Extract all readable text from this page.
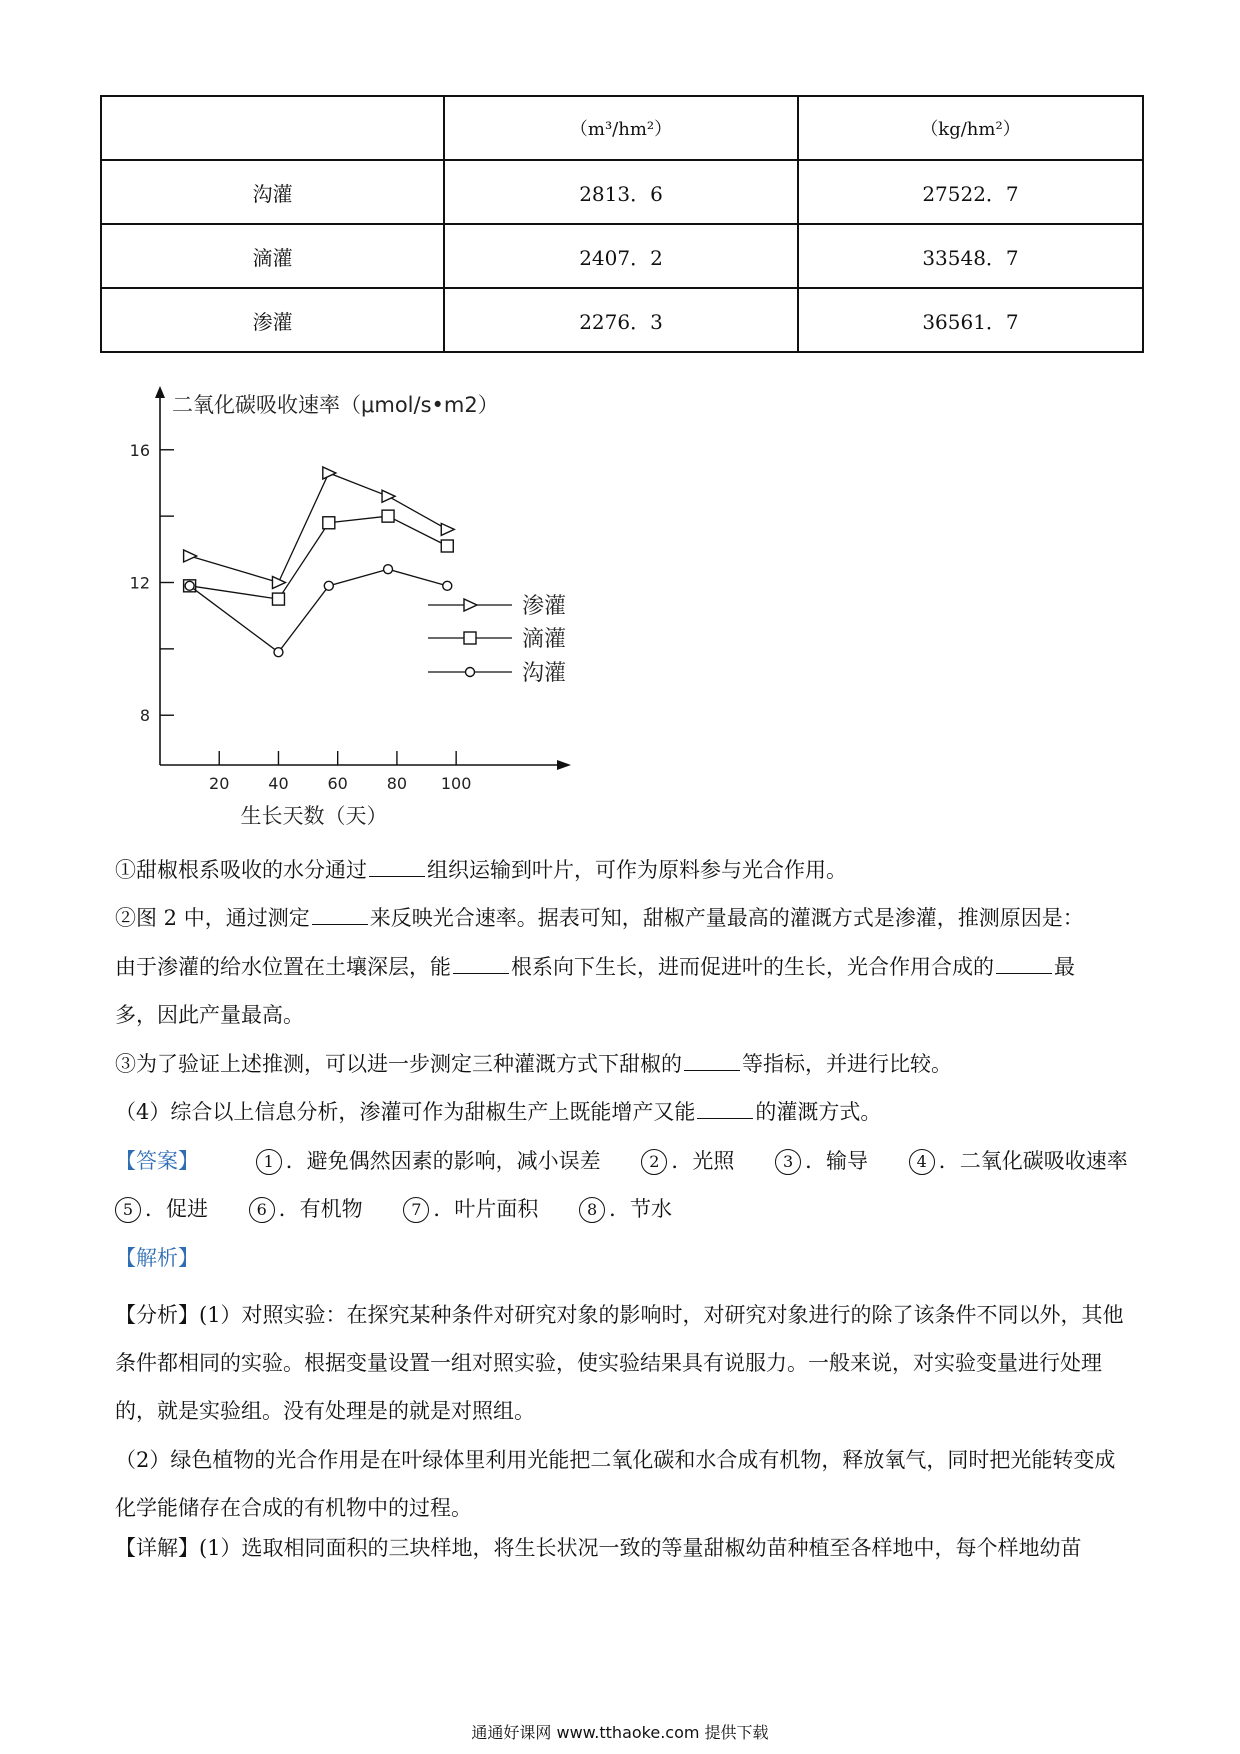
	（m³/hm²）	（kg/hm²）
沟灌	2813．6	27522．7
滴灌	2407．2	33548．7
渗灌	2276．3	36561．7
二氧化碳吸收速率（μmol/s•m2）
生长天数（天）
8
12
16
20 40 60 80 100
渗灌
滴灌
沟灌
①甜椒根系吸收的水分通过	组织运输到叶片，可作为原料参与光合作用。
②图 2 中，通过测定	来反映光合速率。据表可知，甜椒产量最高的灌溉方式是渗灌，推测原因是：
由于渗灌的给水位置在土壤深层，能	根系向下生长，进而促进叶的生长，光合作用合成的	最
多，因此产量最高。
③为了验证上述推测，可以进一步测定三种灌溉方式下甜椒的	等指标，并进行比较。
（4）综合以上信息分析，渗灌可作为甜椒生产上既能增产又能	的灌溉方式。
【答案】	1 ．避免偶然因素的影响，减小误差	2 ．光照	3 ．输导	4 ．二氧化碳吸收速率
5 ．促进	6 ．有机物	7 ．叶片面积	8 ．节水
【解析】
【分析】(1）对照实验：在探究某种条件对研究对象的影响时，对研究对象进行的除了该条件不同以外，其他条件都相同的实验。根据变量设置一组对照实验，使实验结果具有说服力。一般来说，对实验变量进行处理的，就是实验组。没有处理是的就是对照组。
（2）绿色植物的光合作用是在叶绿体里利用光能把二氧化碳和水合成有机物，释放氧气，同时把光能转变成化学能储存在合成的有机物中的过程。
【详解】(1）选取相同面积的三块样地，将生长状况一致的等量甜椒幼苗种植至各样地中，每个样地幼苗
通通好课网 www.tthaoke.com 提供下载
